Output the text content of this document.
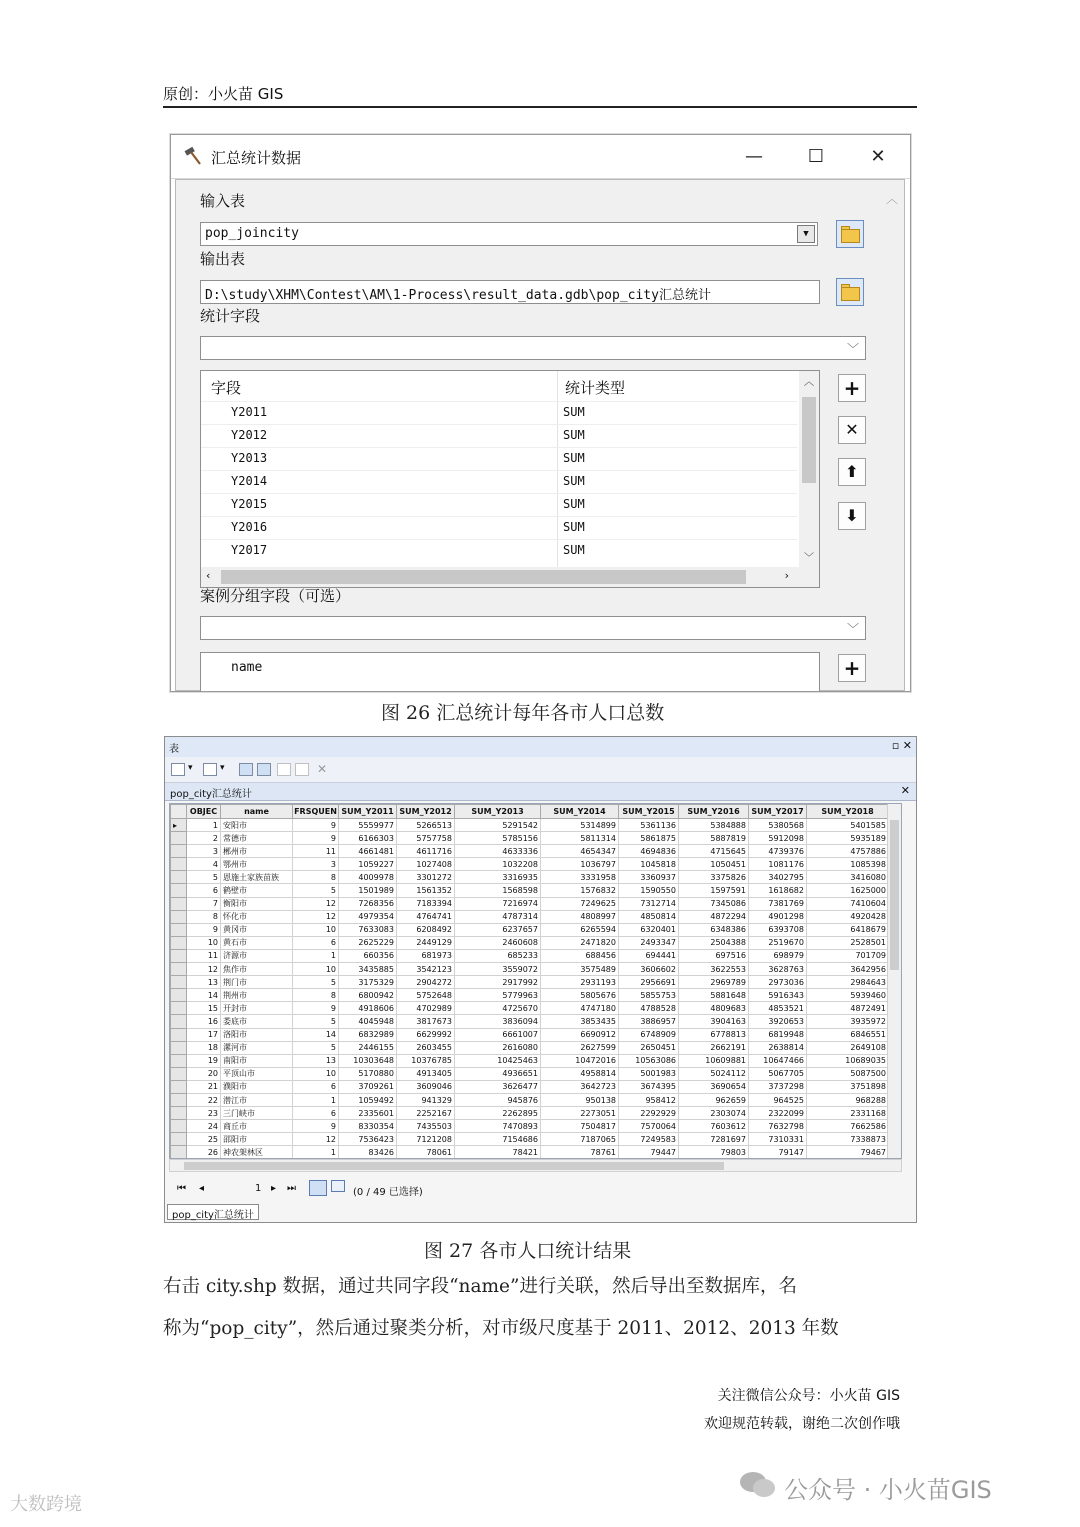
原创：小火苗 GIS
汇总统计数据	—	☐	✕
︿
输入表
pop_joincity	▼
输出表
D:\study\XHM\Contest\AM\1-Process\result_data.gdb\pop_city汇总统计
统计字段
﹀
字段	统计类型
Y2011	SUM
Y2012	SUM
Y2013	SUM
Y2014	SUM
Y2015	SUM
Y2016	SUM
Y2017	SUM
︿
﹀
‹	›
+
✕
⬆
⬇
案例分组字段（可选）
﹀
name	+
图 26 汇总统计每年各市人口总数
表	▫ ✕
▾	▾	✕
pop_city汇总统计	✕
	OBJEC	name	FRSQUEN	SUM_Y2011	SUM_Y2012	SUM_Y2013	SUM_Y2014	SUM_Y2015	SUM_Y2016	SUM_Y2017	SUM_Y2018
▸	1	安阳市	9	5559977	5266513	5291542	5314899	5361136	5384888	5380568	5401585
	2	常德市	9	6166303	5757758	5785156	5811314	5861875	5887819	5912098	5935189
	3	郴州市	11	4661481	4611716	4633336	4654347	4694836	4715645	4739376	4757886
	4	鄂州市	3	1059227	1027408	1032208	1036797	1045818	1050451	1081176	1085398
	5	恩施土家族苗族	8	4009978	3301272	3316935	3331958	3360937	3375826	3402795	3416080
	6	鹤壁市	5	1501989	1561352	1568598	1576832	1590550	1597591	1618682	1625000
	7	衡阳市	12	7268356	7183394	7216974	7249625	7312714	7345086	7381769	7410604
	8	怀化市	12	4979354	4764741	4787314	4808997	4850814	4872294	4901298	4920428
	9	黄冈市	10	7633083	6208492	6237657	6265594	6320401	6348386	6393708	6418679
	10	黄石市	6	2625229	2449129	2460608	2471820	2493347	2504388	2519670	2528501
	11	济源市	1	660356	681973	685233	688456	694441	697516	698979	701709
	12	焦作市	10	3435885	3542123	3559072	3575489	3606602	3622553	3628763	3642956
	13	荆门市	5	3175329	2904272	2917992	2931193	2956691	2969789	2973036	2984643
	14	荆州市	8	6800942	5752648	5779963	5805676	5855753	5881648	5916343	5939460
	15	开封市	9	4918606	4702989	4725670	4747180	4788528	4809683	4853521	4872491
	16	娄底市	5	4045948	3817673	3836094	3853435	3886957	3904163	3920653	3935972
	17	洛阳市	14	6832989	6629992	6661007	6690912	6748909	6778813	6819948	6846551
	18	漯河市	5	2446155	2603455	2616080	2627599	2650451	2662191	2638814	2649108
	19	南阳市	13	10303648	10376785	10425463	10472016	10563086	10609881	10647466	10689035
	20	平顶山市	10	5170880	4913405	4936651	4958814	5001983	5024112	5067705	5087500
	21	濮阳市	6	3709261	3609046	3626477	3642723	3674395	3690654	3737298	3751898
	22	潜江市	1	1059492	941329	945876	950138	958412	962659	964525	968288
	23	三门峡市	6	2335601	2252167	2262895	2273051	2292929	2303074	2322099	2331168
	24	商丘市	9	8330354	7435503	7470893	7504817	7570064	7603612	7632798	7662586
	25	邵阳市	12	7536423	7121208	7154686	7187065	7249583	7281697	7310331	7338873
	26	神农架林区	1	83426	78061	78421	78761	79447	79803	79147	79467
⏮ ◂	1 ▸ ⏭	(0 / 49 已选择)
pop_city汇总统计
图 27 各市人口统计结果
右击 city.shp 数据，通过共同字段“name”进行关联，然后导出至数据库，名
称为“pop_city”，然后通过聚类分析，对市级尺度基于 2011、2012、2013 年数
关注微信公众号：小火苗 GIS
欢迎规范转载，谢绝二次创作哦
公众号 · 小火苗GIS
大数跨境
